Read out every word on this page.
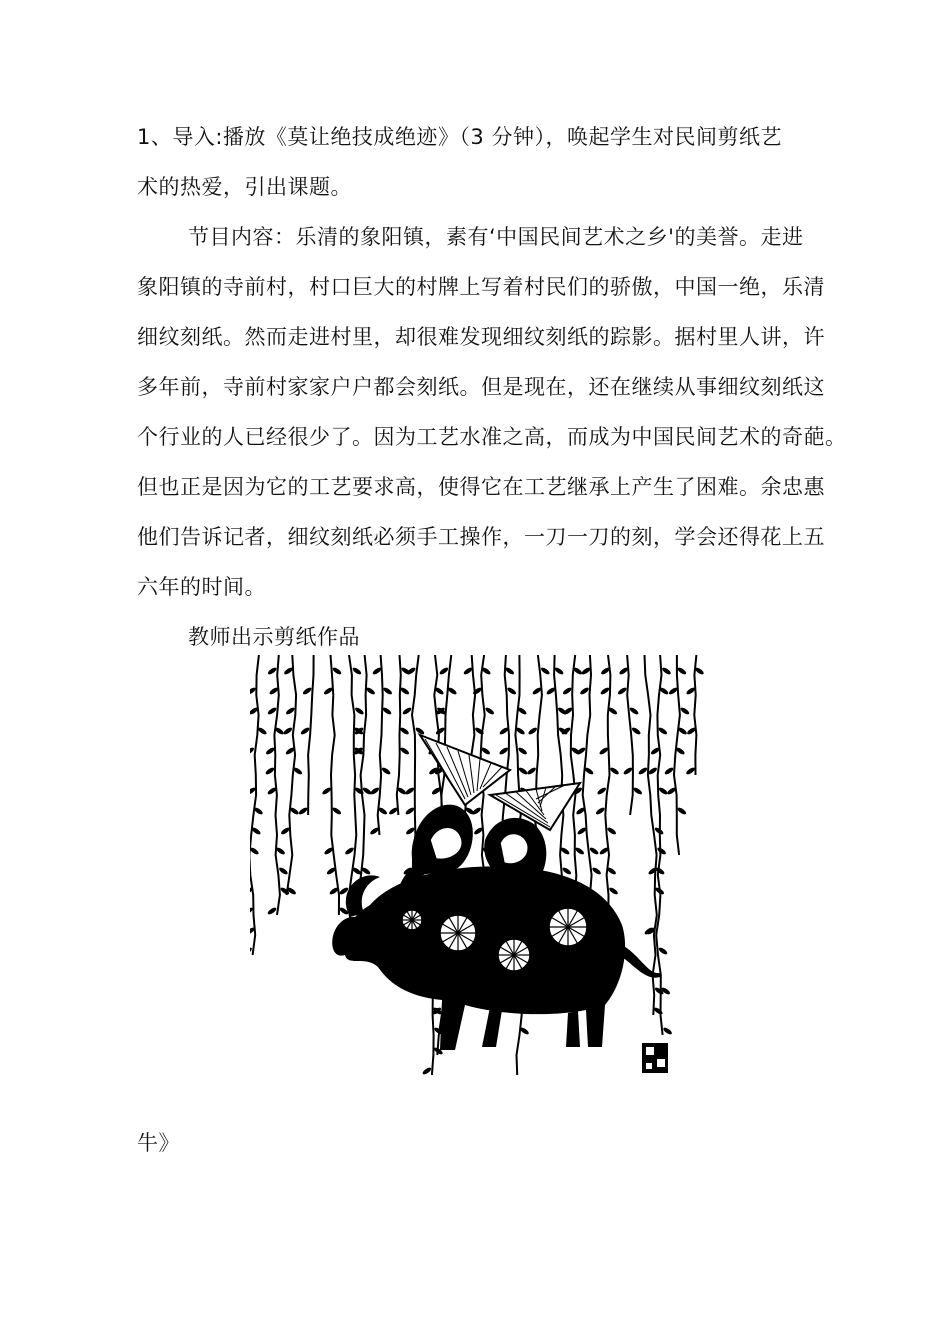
1、导入:播放《莫让绝技成绝迹》（3 分钟），唤起学生对民间剪纸艺
术的热爱，引出课题。
节目内容：乐清的象阳镇，素有‘中国民间艺术之乡'的美誉。走进
象阳镇的寺前村，村口巨大的村牌上写着村民们的骄傲，中国一绝，乐清
细纹刻纸。然而走进村里，却很难发现细纹刻纸的踪影。据村里人讲，许
多年前，寺前村家家户户都会刻纸。但是现在，还在继续从事细纹刻纸这
个行业的人已经很少了。因为工艺水准之高，而成为中国民间艺术的奇葩。
但也正是因为它的工艺要求高，使得它在工艺继承上产生了困难。余忠惠
他们告诉记者，细纹刻纸必须手工操作，一刀一刀的刻，学会还得花上五
六年的时间。
教师出示剪纸作品
牛》
